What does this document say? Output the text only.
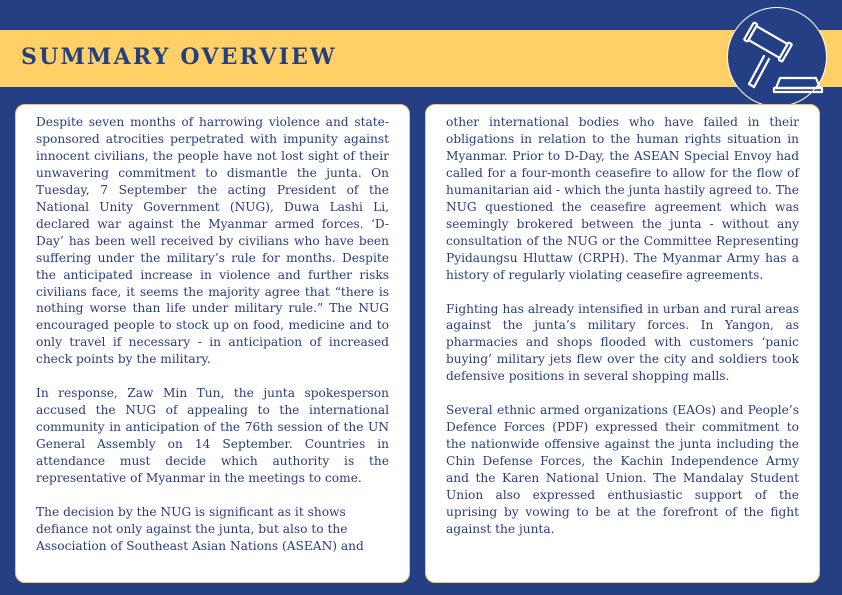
SUMMARY OVERVIEW

Despite seven months of harrowing violence and state-sponsored atrocities perpetrated with impunity against innocent civilians, the people have not lost sight of their unwavering commitment to dismantle the junta. On Tuesday, 7 September the acting President of the National Unity Government (NUG), Duwa Lashi Li, declared war against the Myanmar armed forces. ‘D-Day’ has been well received by civilians who have been suffering under the military’s rule for months. Despite the anticipated increase in violence and further risks civilians face, it seems the majority agree that “there is nothing worse than life under military rule.” The NUG encouraged people to stock up on food, medicine and to only travel if necessary - in anticipation of increased check points by the military.

In response, Zaw Min Tun, the junta spokesperson accused the NUG of appealing to the international community in anticipation of the 76th session of the UN General Assembly on 14 September. Countries in attendance must decide which authority is the representative of Myanmar in the meetings to come.

The decision by the NUG is significant as it shows defiance not only against the junta, but also to the Association of Southeast Asian Nations (ASEAN) and

other international bodies who have failed in their obligations in relation to the human rights situation in Myanmar. Prior to D-Day, the ASEAN Special Envoy had called for a four-month ceasefire to allow for the flow of humanitarian aid - which the junta hastily agreed to. The NUG questioned the ceasefire agreement which was seemingly brokered between the junta - without any consultation of the NUG or the Committee Representing Pyidaungsu Hluttaw (CRPH). The Myanmar Army has a history of regularly violating ceasefire agreements.

Fighting has already intensified in urban and rural areas against the junta’s military forces. In Yangon, as pharmacies and shops flooded with customers ‘panic buying’ military jets flew over the city and soldiers took defensive positions in several shopping malls.

Several ethnic armed organizations (EAOs) and People’s Defence Forces (PDF) expressed their commitment to the nationwide offensive against the junta including the Chin Defense Forces, the Kachin Independence Army and the Karen National Union. The Mandalay Student Union also expressed enthusiastic support of the uprising by vowing to be at the forefront of the fight against the junta.
